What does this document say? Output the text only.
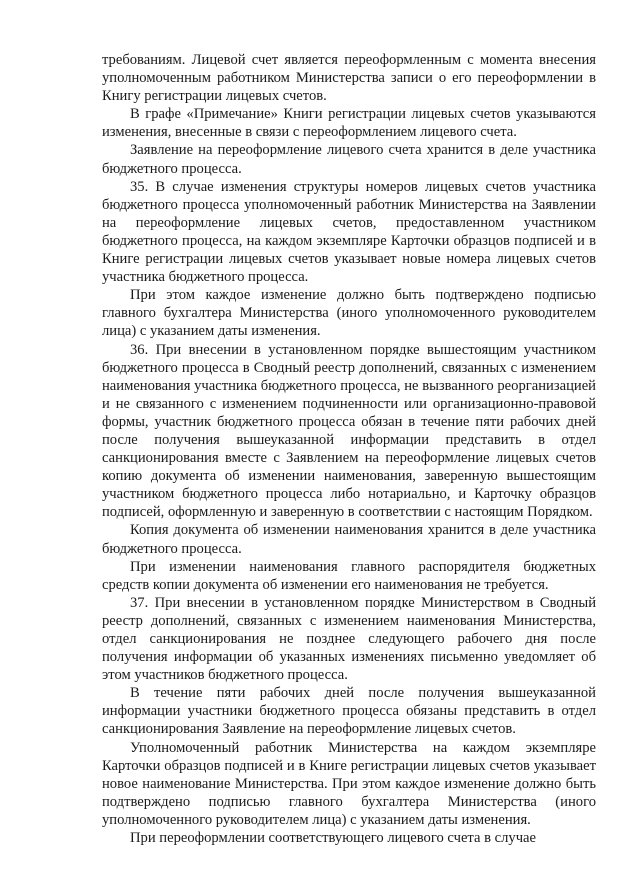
требованиям. Лицевой счет является переоформленным с момента внесения уполномоченным работником Министерства записи о его переоформлении в Книгу регистрации лицевых счетов.

В графе «Примечание» Книги регистрации лицевых счетов указываются изменения, внесенные в связи с переоформлением лицевого счета.

Заявление на переоформление лицевого счета хранится в деле участника бюджетного процесса.

35. В случае изменения структуры номеров лицевых счетов участника бюджетного процесса уполномоченный работник Министерства на Заявлении на переоформление лицевых счетов, предоставленном участником бюджетного процесса, на каждом экземпляре Карточки образцов подписей и в Книге регистрации лицевых счетов указывает новые номера лицевых счетов участника бюджетного процесса.

При этом каждое изменение должно быть подтверждено подписью главного бухгалтера Министерства (иного уполномоченного руководителем лица) с указанием даты изменения.

36. При внесении в установленном порядке вышестоящим участником бюджетного процесса в Сводный реестр дополнений, связанных с изменением наименования участника бюджетного процесса, не вызванного реорганизацией и не связанного с изменением подчиненности или организационно-правовой формы, участник бюджетного процесса обязан в течение пяти рабочих дней после получения вышеуказанной информации представить в отдел санкционирования вместе с Заявлением на переоформление лицевых счетов копию документа об изменении наименования, заверенную вышестоящим участником бюджетного процесса либо нотариально, и Карточку образцов подписей, оформленную и заверенную в соответствии с настоящим Порядком.

Копия документа об изменении наименования хранится в деле участника бюджетного процесса.

При изменении наименования главного распорядителя бюджетных средств копии документа об изменении его наименования не требуется.

37. При внесении в установленном порядке Министерством в Сводный реестр дополнений, связанных с изменением наименования Министерства, отдел санкционирования не позднее следующего рабочего дня после получения информации об указанных изменениях письменно уведомляет об этом участников бюджетного процесса.

В течение пяти рабочих дней после получения вышеуказанной информации участники бюджетного процесса обязаны представить в отдел санкционирования Заявление на переоформление лицевых счетов.

Уполномоченный работник Министерства на каждом экземпляре Карточки образцов подписей и в Книге регистрации лицевых счетов указывает новое наименование Министерства. При этом каждое изменение должно быть подтверждено подписью главного бухгалтера Министерства (иного уполномоченного руководителем лица) с указанием даты изменения.

При переоформлении соответствующего лицевого счета в случае
